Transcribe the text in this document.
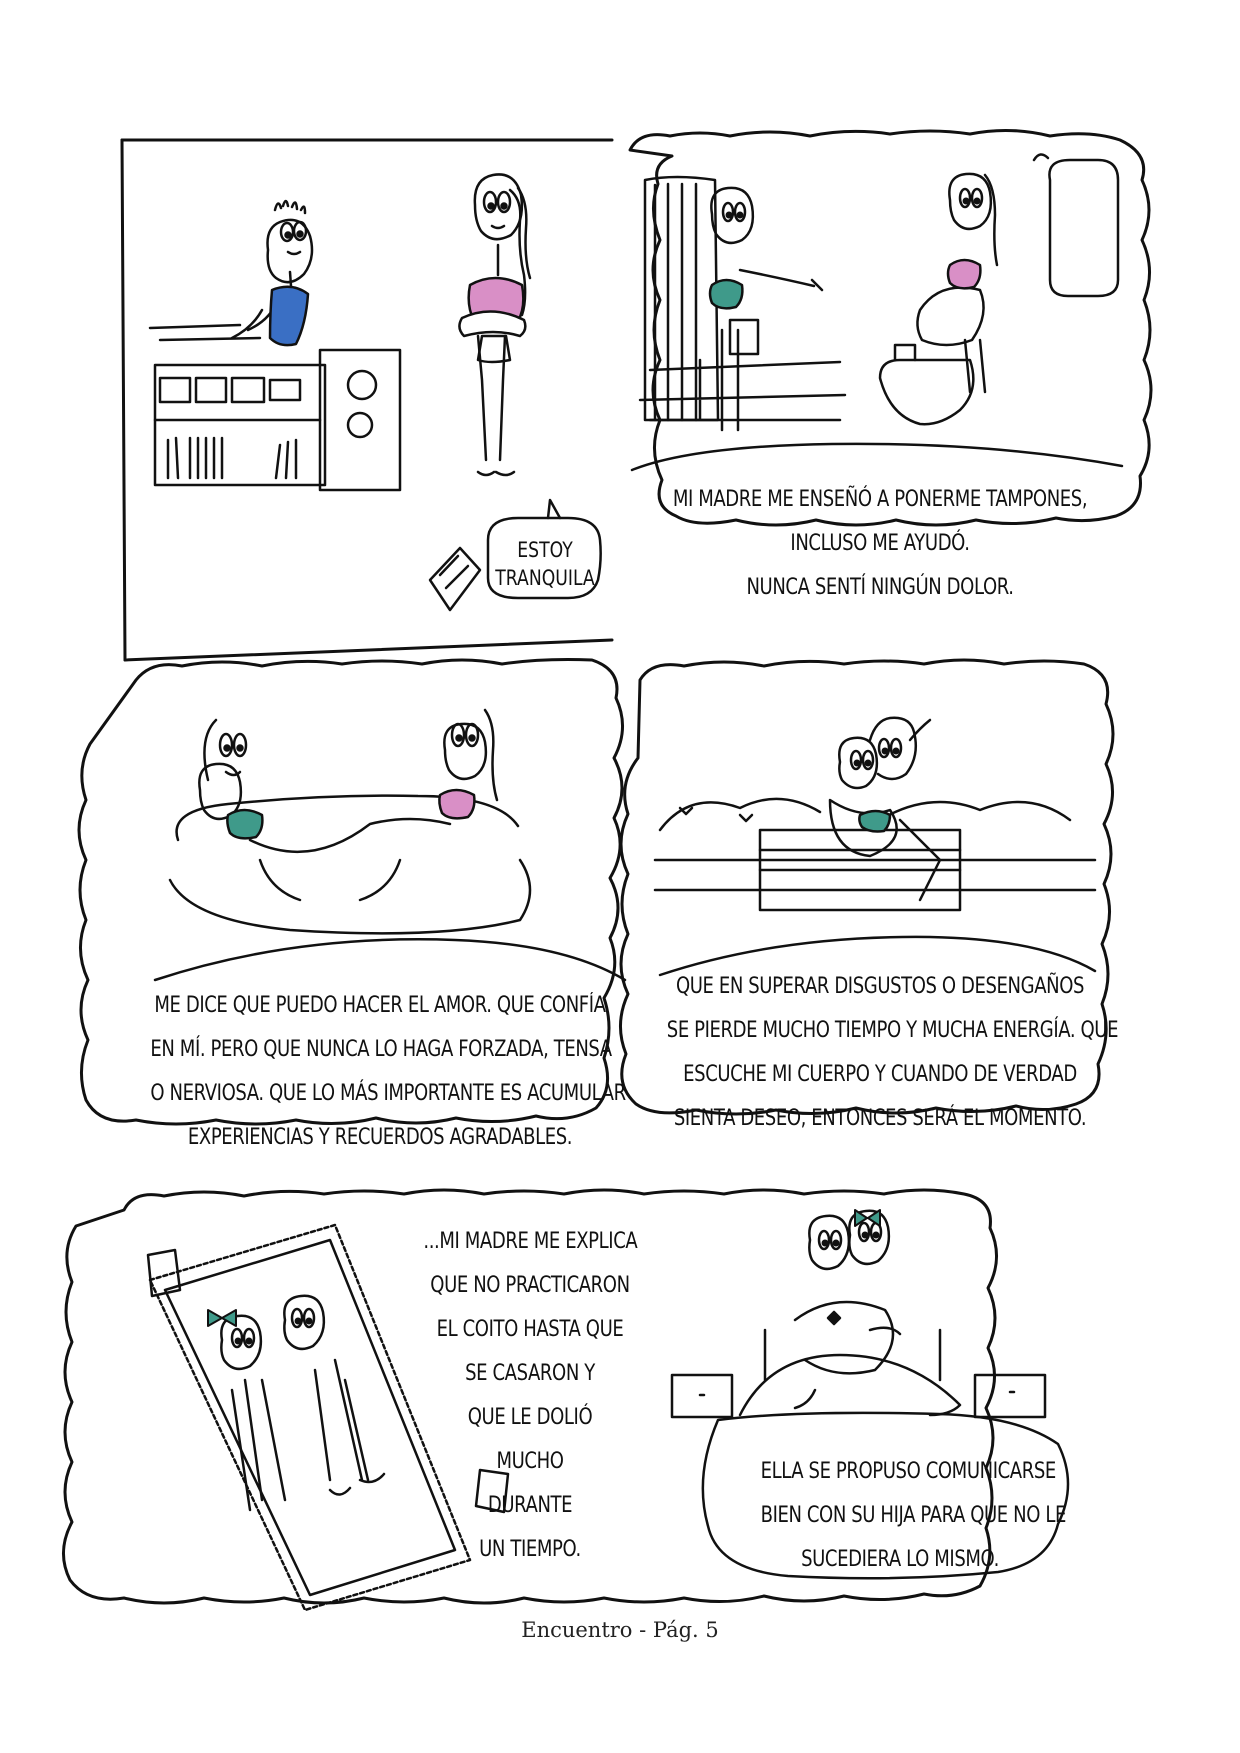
ESTOY
TRANQUILA
MI MADRE ME ENSEÑÓ A PONERME TAMPONES,
INCLUSO ME AYUDÓ.
NUNCA SENTÍ NINGÚN DOLOR.
ME DICE QUE PUEDO HACER EL AMOR. QUE CONFÍA
EN MÍ. PERO QUE NUNCA LO HAGA FORZADA, TENSA
O NERVIOSA. QUE LO MÁS IMPORTANTE ES ACUMULAR
EXPERIENCIAS Y RECUERDOS AGRADABLES.
QUE EN SUPERAR DISGUSTOS O DESENGAÑOS
SE PIERDE MUCHO TIEMPO Y MUCHA ENERGÍA. QUE
ESCUCHE MI CUERPO Y CUANDO DE VERDAD
SIENTA DESEO, ENTONCES SERÁ EL MOMENTO.
...MI MADRE ME EXPLICA
QUE NO PRACTICARON
EL COITO HASTA QUE
SE CASARON Y
QUE LE DOLIÓ
MUCHO
DURANTE
UN TIEMPO.
ELLA SE PROPUSO COMUNICARSE
BIEN CON SU HIJA PARA QUE NO LE
SUCEDIERA LO MISMO.
Encuentro - Pág. 5
